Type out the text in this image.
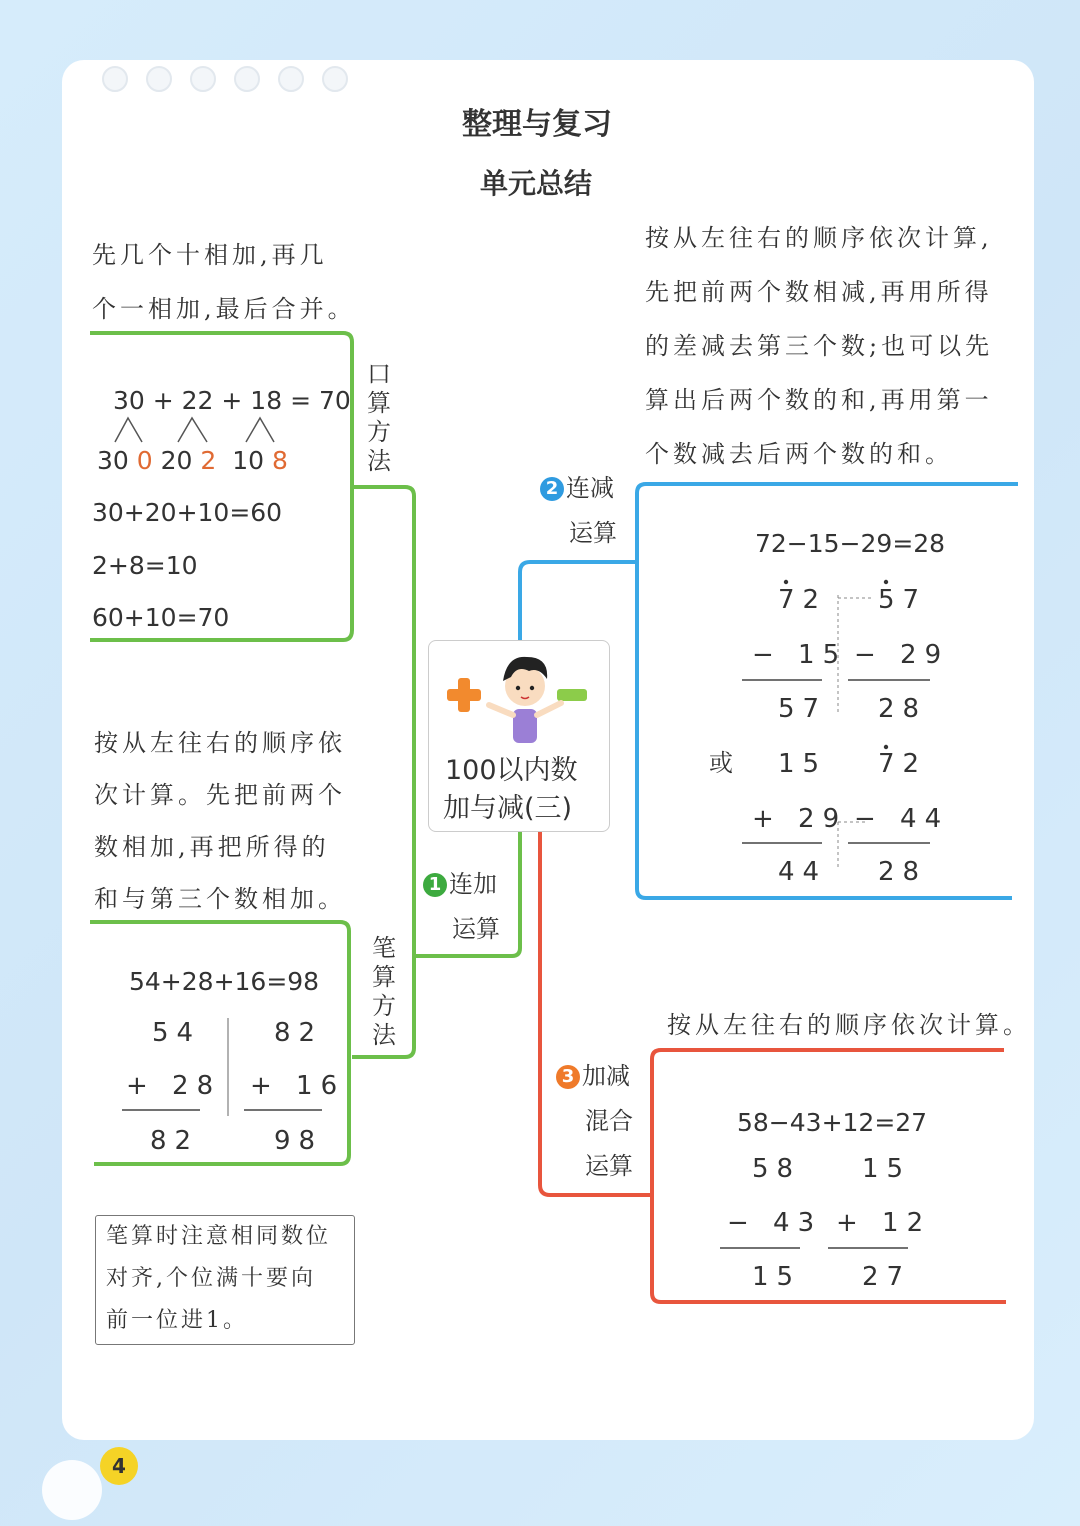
整理与复习
单元总结
先几个十相加,再几
个一相加,最后合并。
口算方法
30 + 22 + 18 = 70
30 0 20 2 10 8
30+20+10=60
2+8=10
60+10=70
100以内数
加与减(三)
1 连加
运算
按从左往右的顺序依
次计算。先把前两个
数相加,再把所得的
和与第三个数相加。
笔算方法
54+28+16=98
54
+ 28
82
82
+ 16
98
笔算时注意相同数位
对齐,个位满十要向
前一位进1。
按从左往右的顺序依次计算,
先把前两个数相减,再用所得
的差减去第三个数;也可以先
算出后两个数的和,再用第一
个数减去后两个数的和。
2 连减
运算	72−15−29=28
72
− 15
57
57
− 29
28
或 15
+ 29
44
72
− 44
28
按从左往右的顺序依次计算。
3 加减
混合
运算
58−43+12=27
58
− 43
15
15
+ 12
27
4
